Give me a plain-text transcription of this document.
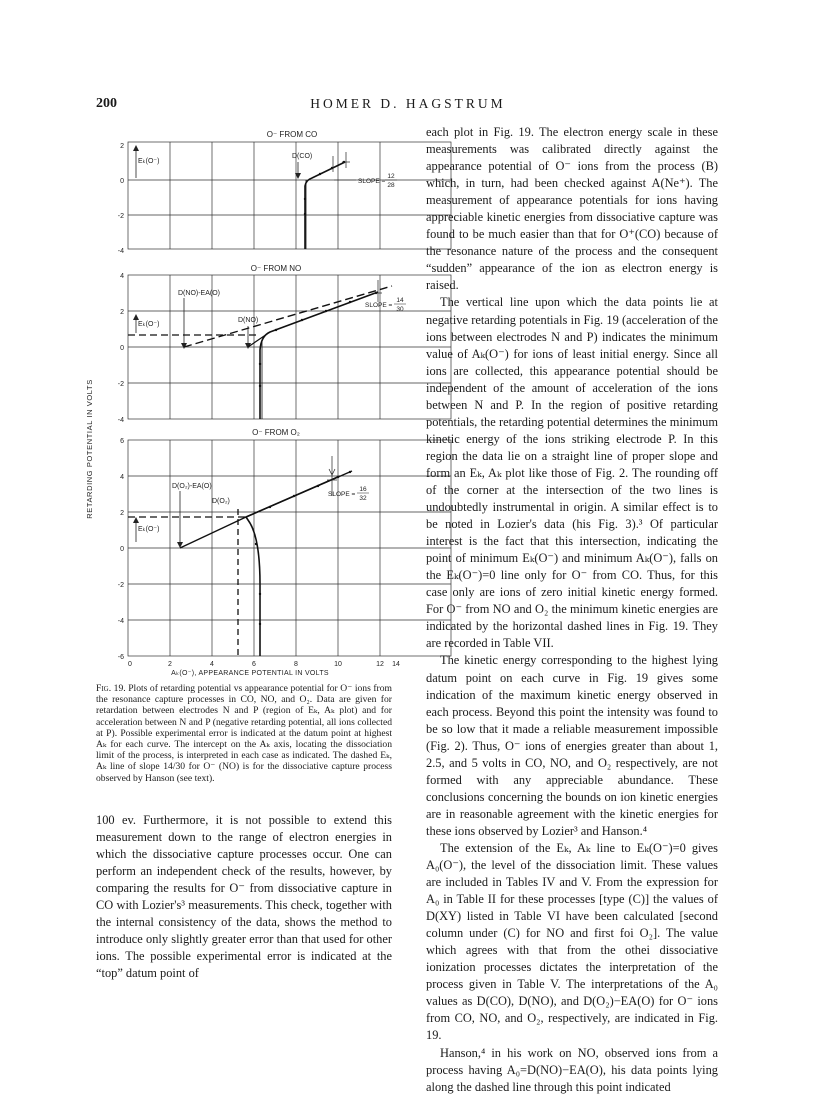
200	HOMER D. HAGSTRUM
RETARDING POTENTIAL IN VOLTS
O⁻ FROM CO
2
0
-2
-4
Eₖ(O⁻)
D(CO)
SLOPE =
12
28
O⁻ FROM NO
4
2
0
-2
-4
D(NO)-EA(O)
Eₖ(O⁻)
D(NO)
SLOPE =
14
30
O⁻ FROM O₂
6
4
2
0
-2
-4
-6
D(O₂)-EA(O)
D(O₂)
Eₖ(O⁻)
SLOPE =
16
32
0	2	4	6	8	10	12 14
Aₖ(O⁻), APPEARANCE POTENTIAL IN VOLTS
Fig. 19. Plots of retarding potential vs appearance potential for O⁻ ions from the resonance capture processes in CO, NO, and O₂. Data are given for retardation between electrodes N and P (region of Eₖ, Aₖ plot) and for acceleration between N and P (negative retarding potential, all ions collected at P). Possible experimental error is indicated at the datum point at highest Aₖ for each curve. The intercept on the Aₖ axis, locating the dissociation limit of the process, is interpreted in each case as indicated. The dashed Eₖ, Aₖ line of slope 14/30 for O⁻ (NO) is for the dissociative capture process observed by Hanson (see text).

100 ev. Furthermore, it is not possible to extend this measurement down to the range of electron energies in which the dissociative capture processes occur. One can perform an independent check of the results, however, by comparing the results for O⁻ from dissociative capture in CO with Lozier's³ measurements. This check, together with the internal consistency of the data, shows the method to introduce only slightly greater error than that used for other ions. The possible experimental error is indicated at the “top” datum point of

each plot in Fig. 19. The electron energy scale in these measurements was calibrated directly against the appearance potential of O⁻ ions from the process (B) which, in turn, had been checked against A(Ne⁺). The measurement of appearance potentials for ions having appreciable kinetic energies from dissociative capture was found to be much easier than that for O⁺(CO) because of the resonance nature of the process and the consequent “sudden” appearance of the ion as electron energy is raised.

The vertical line upon which the data points lie at negative retarding potentials in Fig. 19 (acceleration of the ions between electrodes N and P) indicates the minimum value of Aₖ(O⁻) for ions of least initial energy. Since all ions are collected, this appearance potential should be independent of the amount of acceleration of the ions between N and P. In the region of positive retarding potentials, the retarding potential determines the minimum kinetic energy of the ions striking electrode P. In this region the data lie on a straight line of proper slope and form an Eₖ, Aₖ plot like those of Fig. 2. The rounding off of the corner at the intersection of the two lines is undoubtedly instrumental in origin. A similar effect is to be noted in Lozier's data (his Fig. 3).³ Of particular interest is the fact that this intersection, indicating the point of minimum Eₖ(O⁻) and minimum Aₖ(O⁻), falls on the Eₖ(O⁻)=0 line only for O⁻ from CO. Thus, for this case only are ions of zero initial kinetic energy formed. For O⁻ from NO and O₂ the minimum kinetic energies are indicated by the horizontal dashed lines in Fig. 19. They are recorded in Table VII.

The kinetic energy corresponding to the highest lying datum point on each curve in Fig. 19 gives some indication of the maximum kinetic energy observed in each process. Beyond this point the intensity was found to be so low that it made a reliable measurement impossible (Fig. 2). Thus, O⁻ ions of energies greater than about 1, 2.5, and 5 volts in CO, NO, and O₂ respectively, are not formed with any appreciable abundance. These conclusions concerning the bounds on ion kinetic energies are in reasonable agreement with the kinetic energies for these ions observed by Lozier³ and Hanson.⁴

The extension of the Eₖ, Aₖ line to Eₖ(O⁻)=0 gives A₀(O⁻), the level of the dissociation limit. These values are included in Tables IV and V. From the expression for A₀ in Table II for these processes [type (C)] the values of D(XY) listed in Table VI have been calculated [second column under (C) for NO and first foi O₂]. The value which agrees with that from the othei dissociative ionization processes dictates the interpretation of the process given in Table V. The interpretations of the A₀ values as D(CO), D(NO), and D(O₂)−EA(O) for O⁻ ions from CO, NO, and O₂, respectively, are indicated in Fig. 19.

Hanson,⁴ in his work on NO, observed ions from a process having A₀=D(NO)−EA(O), his data points lying along the dashed line through this point indicated
